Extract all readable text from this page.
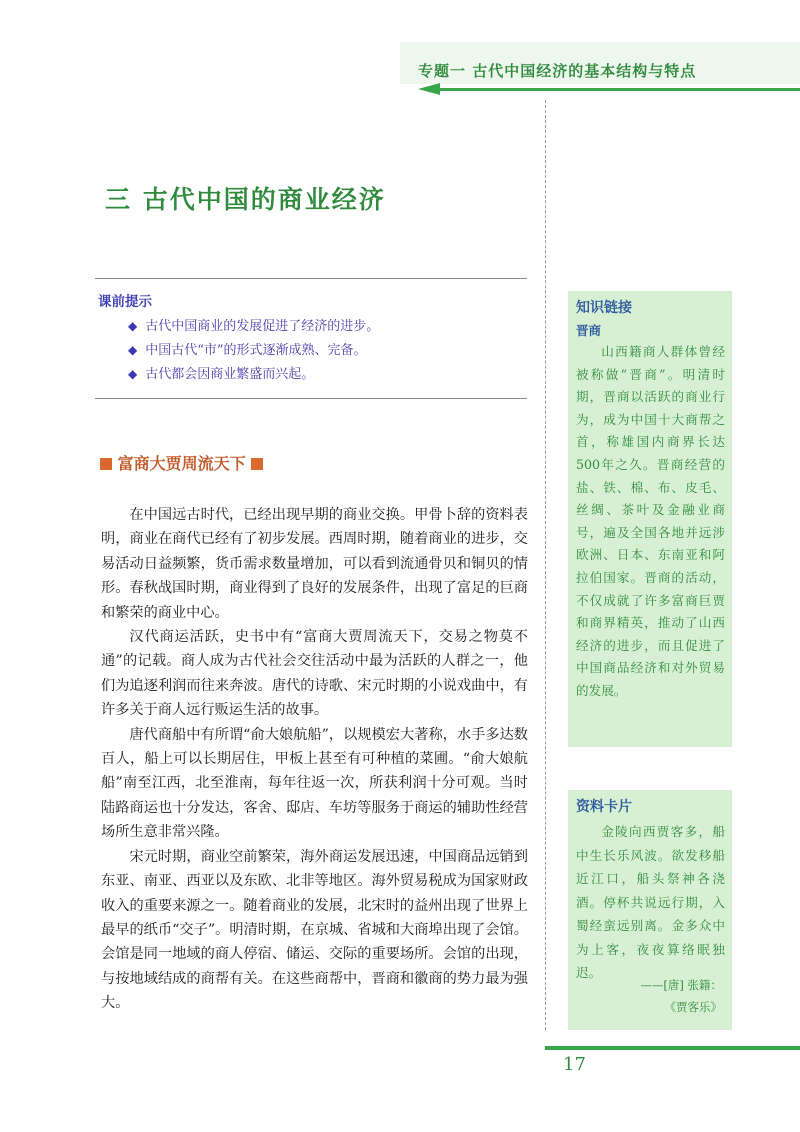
专题一 古代中国经济的基本结构与特点
三 古代中国的商业经济
课前提示
◆ 古代中国商业的发展促进了经济的进步。
◆ 中国古代“市”的形式逐渐成熟、完备。
◆ 古代都会因商业繁盛而兴起。
富商大贾周流天下

在中国远古时代，已经出现早期的商业交换。甲骨卜辞的资料表明，商业在商代已经有了初步发展。西周时期，随着商业的进步，交易活动日益频繁，货币需求数量增加，可以看到流通骨贝和铜贝的情形。春秋战国时期，商业得到了良好的发展条件，出现了富足的巨商和繁荣的商业中心。

汉代商运活跃，史书中有“富商大贾周流天下，交易之物莫不通”的记载。商人成为古代社会交往活动中最为活跃的人群之一，他们为追逐利润而往来奔波。唐代的诗歌、宋元时期的小说戏曲中，有许多关于商人远行贩运生活的故事。

唐代商船中有所谓“俞大娘航船”，以规模宏大著称，水手多达数百人，船上可以长期居住，甲板上甚至有可种植的菜圃。“俞大娘航船”南至江西，北至淮南，每年往返一次，所获利润十分可观。当时陆路商运也十分发达，客舍、邸店、车坊等服务于商运的辅助性经营场所生意非常兴隆。

宋元时期，商业空前繁荣，海外商运发展迅速，中国商品远销到东亚、南亚、西亚以及东欧、北非等地区。海外贸易税成为国家财政收入的重要来源之一。随着商业的发展，北宋时的益州出现了世界上最早的纸币“交子”。明清时期，在京城、省城和大商埠出现了会馆。会馆是同一地域的商人停宿、储运、交际的重要场所。会馆的出现，与按地域结成的商帮有关。在这些商帮中，晋商和徽商的势力最为强大。

知识链接
晋商

山西籍商人群体曾经被称做“晋商”。明清时期，晋商以活跃的商业行为，成为中国十大商帮之首，称雄国内商界长达500年之久。晋商经营的盐、铁、棉、布、皮毛、丝绸、茶叶及金融业商号，遍及全国各地并远涉欧洲、日本、东南亚和阿拉伯国家。晋商的活动，不仅成就了许多富商巨贾和商界精英，推动了山西经济的进步，而且促进了中国商品经济和对外贸易的发展。

资料卡片

金陵向西贾客多，船中生长乐风波。欲发移船近江口，船头祭神各浇酒。停杯共说远行期，入蜀经蛮远别离。金多众中为上客，夜夜算络眠独迟。

——[唐] 张籍：
《贾客乐》
17
